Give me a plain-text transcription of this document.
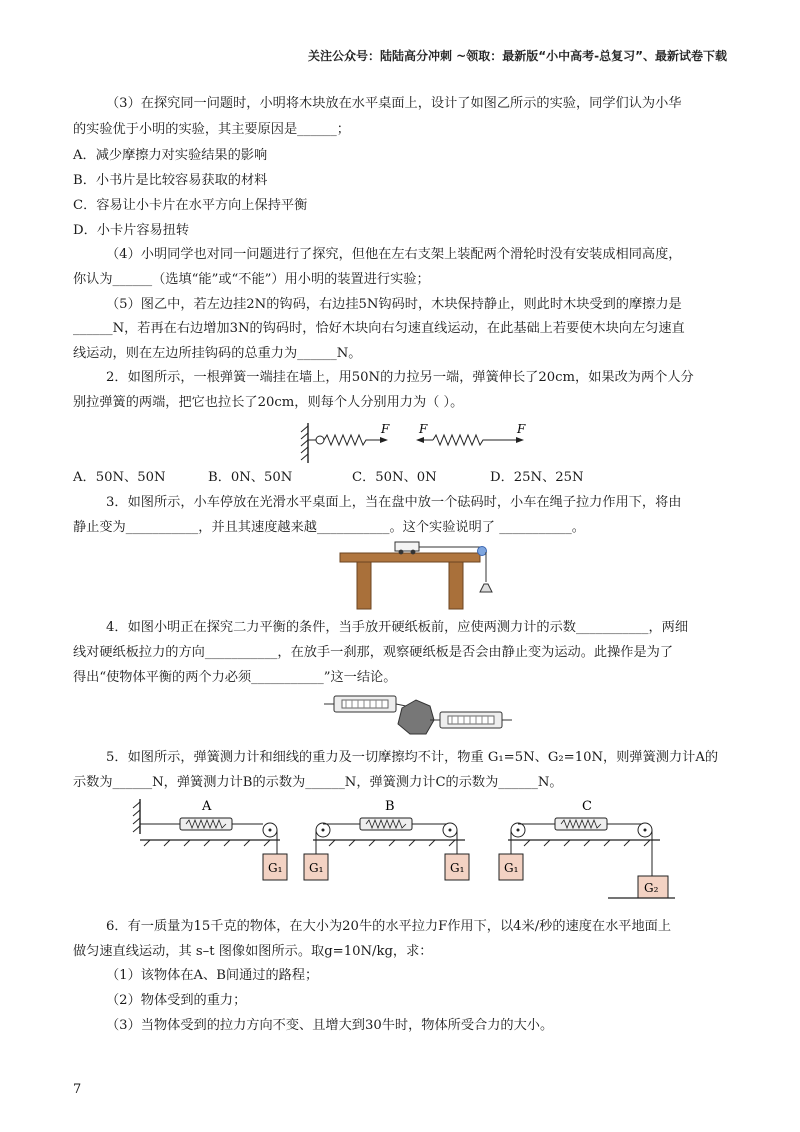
关注公众号：陆陆高分冲刺 ~领取：最新版“小中高考-总复习”、最新试卷下载
（3）在探究同一问题时，小明将木块放在水平桌面上，设计了如图乙所示的实验，同学们认为小华
的实验优于小明的实验，其主要原因是______；
A．减少摩擦力对实验结果的影响
B．小书片是比较容易获取的材料
C．容易让小卡片在水平方向上保持平衡
D．小卡片容易扭转
（4）小明同学也对同一问题进行了探究，但他在左右支架上装配两个滑轮时没有安装成相同高度，
你认为______（选填“能”或“不能”）用小明的装置进行实验；
（5）图乙中，若左边挂2N的钩码，右边挂5N钩码时，木块保持静止，则此时木块受到的摩擦力是
______N，若再在右边增加3N的钩码时，恰好木块向右匀速直线运动，在此基础上若要使木块向左匀速直
线运动，则在左边所挂钩码的总重力为______N。
2．如图所示，一根弹簧一端挂在墙上，用50N的力拉另一端，弹簧伸长了20cm，如果改为两个人分
别拉弹簧的两端，把它也拉长了20cm，则每个人分别用力为（ ）。
F F	F
A．50N、50N	B．0N、50N	C．50N、0N	D．25N、25N
3．如图所示，小车停放在光滑水平桌面上，当在盘中放一个砝码时，小车在绳子拉力作用下，将由
静止变为___________，并且其速度越来越___________。这个实验说明了 ___________。
4．如图小明正在探究二力平衡的条件，当手放开硬纸板前，应使两测力计的示数___________，两细
线对硬纸板拉力的方向___________，在放手一刹那，观察硬纸板是否会由静止变为运动。此操作是为了
得出“使物体平衡的两个力必须___________”这一结论。
5．如图所示，弹簧测力计和细线的重力及一切摩擦均不计，物重 G₁=5N、G₂=10N，则弹簧测力计A的
示数为______N，弹簧测力计B的示数为______N，弹簧测力计C的示数为______N。
G₁
A
G₁	G₁
B
G₁
G₂
C
6．有一质量为15千克的物体，在大小为20牛的水平拉力F作用下，以4米/秒的速度在水平地面上
做匀速直线运动，其 s–t 图像如图所示。取g=10N/kg，求：
（1）该物体在A、B间通过的路程；
（2）物体受到的重力；
（3）当物体受到的拉力方向不变、且增大到30牛时，物体所受合力的大小。
7
